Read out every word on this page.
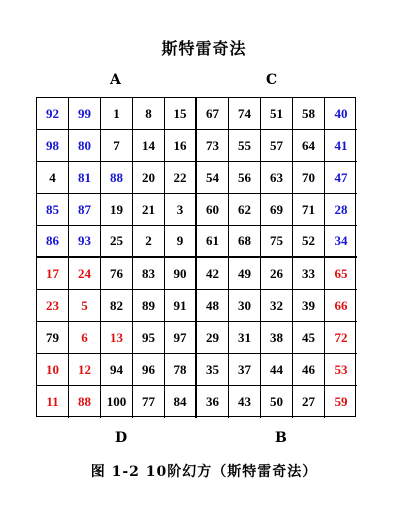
斯特雷奇法
A	C
92	99	1	8	15	67	74	51	58	40
98	80	7	14	16	73	55	57	64	41
4	81	88	20	22	54	56	63	70	47
85	87	19	21	3	60	62	69	71	28
86	93	25	2	9	61	68	75	52	34
17	24	76	83	90	42	49	26	33	65
23	5	82	89	91	48	30	32	39	66
79	6	13	95	97	29	31	38	45	72
10	12	94	96	78	35	37	44	46	53
11	88	100	77	84	36	43	50	27	59
D	B
图 1-2 10阶幻方（斯特雷奇法）
